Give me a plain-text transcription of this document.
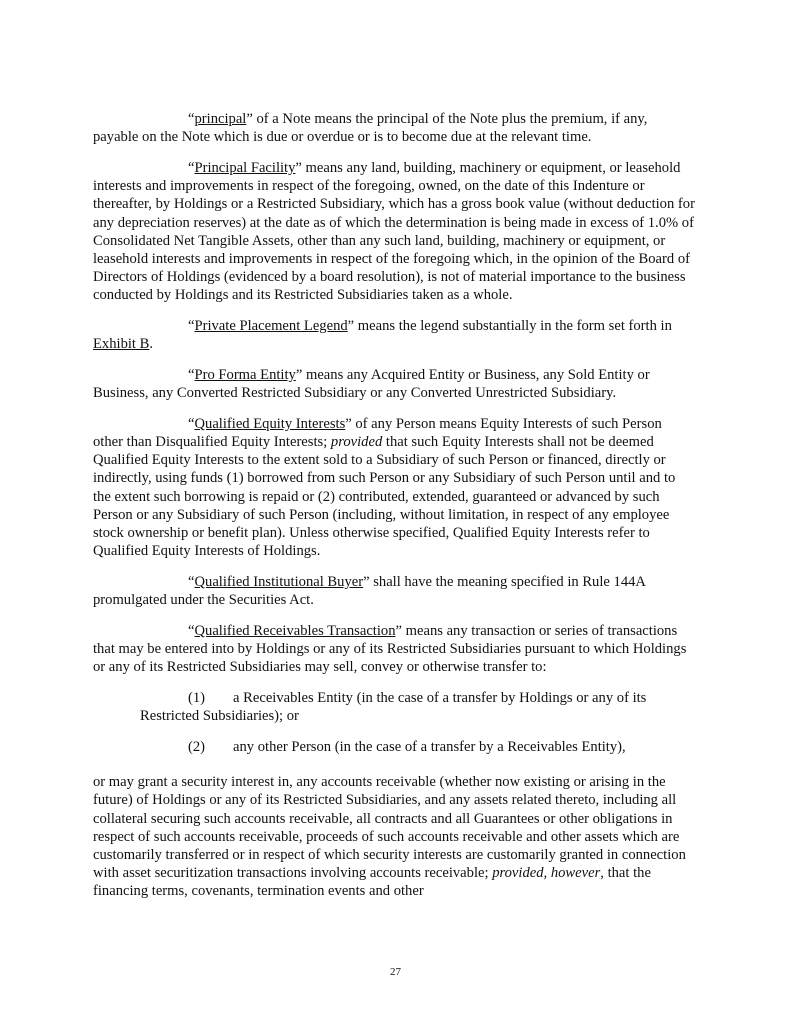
“principal” of a Note means the principal of the Note plus the premium, if any, payable on the Note which is due or overdue or is to become due at the relevant time.

“Principal Facility” means any land, building, machinery or equipment, or leasehold interests and improvements in respect of the foregoing, owned, on the date of this Indenture or thereafter, by Holdings or a Restricted Subsidiary, which has a gross book value (without deduction for any depreciation reserves) at the date as of which the determination is being made in excess of 1.0% of Consolidated Net Tangible Assets, other than any such land, building, machinery or equipment, or leasehold interests and improvements in respect of the foregoing which, in the opinion of the Board of Directors of Holdings (evidenced by a board resolution), is not of material importance to the business conducted by Holdings and its Restricted Subsidiaries taken as a whole.

“Private Placement Legend” means the legend substantially in the form set forth in Exhibit B.

“Pro Forma Entity” means any Acquired Entity or Business, any Sold Entity or Business, any Converted Restricted Subsidiary or any Converted Unrestricted Subsidiary.

“Qualified Equity Interests” of any Person means Equity Interests of such Person other than Disqualified Equity Interests; provided that such Equity Interests shall not be deemed Qualified Equity Interests to the extent sold to a Subsidiary of such Person or financed, directly or indirectly, using funds (1) borrowed from such Person or any Subsidiary of such Person until and to the extent such borrowing is repaid or (2) contributed, extended, guaranteed or advanced by such Person or any Subsidiary of such Person (including, without limitation, in respect of any employee stock ownership or benefit plan). Unless otherwise specified, Qualified Equity Interests refer to Qualified Equity Interests of Holdings.

“Qualified Institutional Buyer” shall have the meaning specified in Rule 144A promulgated under the Securities Act.

“Qualified Receivables Transaction” means any transaction or series of transactions that may be entered into by Holdings or any of its Restricted Subsidiaries pursuant to which Holdings or any of its Restricted Subsidiaries may sell, convey or otherwise transfer to:

(1) a Receivables Entity (in the case of a transfer by Holdings or any of its
Restricted Subsidiaries); or
(2) any other Person (in the case of a transfer by a Receivables Entity),

or may grant a security interest in, any accounts receivable (whether now existing or arising in the future) of Holdings or any of its Restricted Subsidiaries, and any assets related thereto, including all collateral securing such accounts receivable, all contracts and all Guarantees or other obligations in respect of such accounts receivable, proceeds of such accounts receivable and other assets which are customarily transferred or in respect of which security interests are customarily granted in connection with asset securitization transactions involving accounts receivable; provided, however, that the financing terms, covenants, termination events and other

27
